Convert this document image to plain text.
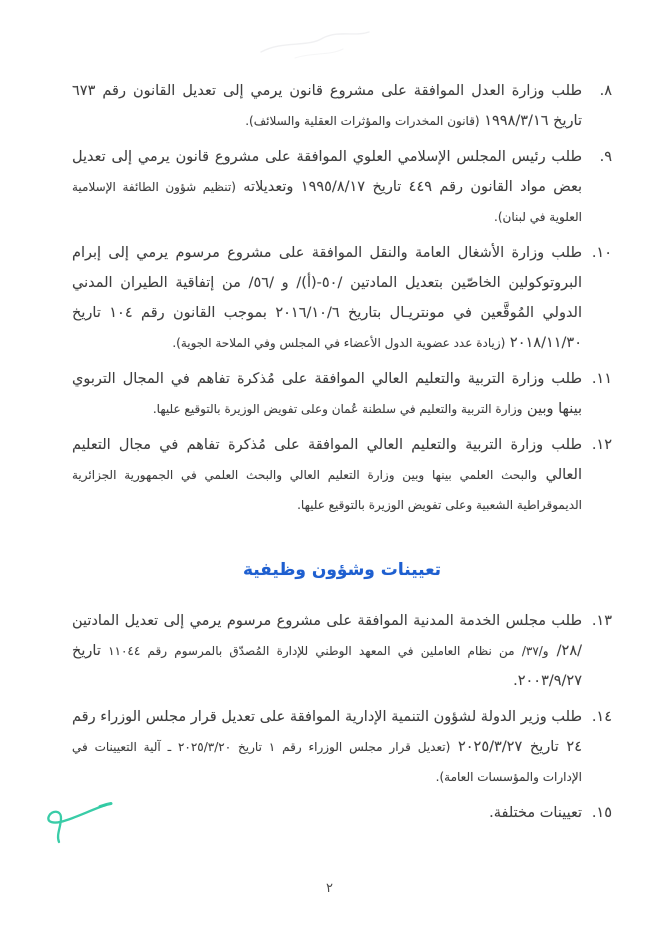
٨.
طلب وزارة العدل الموافقة على مشروع قانون يرمي إلى تعديل القانون رقم ٦٧٣ تاريخ ١٩٩٨/٣/١٦ (قانون المخدرات والمؤثرات العقلية والسلائف).
٩.
طلب رئيس المجلس الإسلامي العلوي الموافقة على مشروع قانون يرمي إلى تعديل بعض مواد القانون رقم ٤٤٩ تاريخ ١٩٩٥/٨/١٧ وتعديلاته (تنظيم شؤون الطائفة الإسلامية العلوية في لبنان).
١٠.
طلب وزارة الأشغال العامة والنقل الموافقة على مشروع مرسوم يرمي إلى إبرام البروتوكولين الخاصّين بتعديل المادتين /٥٠-(أ)/ و /٥٦/ من إتفاقية الطيران المدني الدولي المُوقَّعين في مونتريـال بتاريخ ٢٠١٦/١٠/٦ بموجب القانون رقم ١٠٤ تاريخ ٢٠١٨/١١/٣٠ (زيادة عدد عضوية الدول الأعضاء في المجلس وفي الملاحة الجوية).
١١.
طلب وزارة التربية والتعليم العالي الموافقة على مُذكرة تفاهم في المجال التربوي بينها وبين وزارة التربية والتعليم في سلطنة عُمان وعلى تفويض الوزيرة بالتوقيع عليها.
١٢.
طلب وزارة التربية والتعليم العالي الموافقة على مُذكرة تفاهم في مجال التعليم العالي والبحث العلمي بينها وبين وزارة التعليم العالي والبحث العلمي في الجمهورية الجزائرية الديموقراطية الشعبية وعلى تفويض الوزيرة بالتوقيع عليها.
تعيينات وشؤون وظيفية
١٣.
طلب مجلس الخدمة المدنية الموافقة على مشروع مرسوم يرمي إلى تعديل المادتين /٢٨/ و/٣٧/ من نظام العاملين في المعهد الوطني للإدارة المُصدّق بالمرسوم رقم ١١٠٤٤ تاريخ ٢٠٠٣/٩/٢٧.
١٤.
طلب وزير الدولة لشؤون التنمية الإدارية الموافقة على تعديل قرار مجلس الوزراء رقم ٢٤ تاريخ ٢٠٢٥/٣/٢٧ (تعديل قرار مجلس الوزراء رقم ١ تاريخ ٢٠٢٥/٣/٢٠ ـ آلية التعيينات في الإدارات والمؤسسات العامة).
١٥.
تعيينات مختلفة.
٢
